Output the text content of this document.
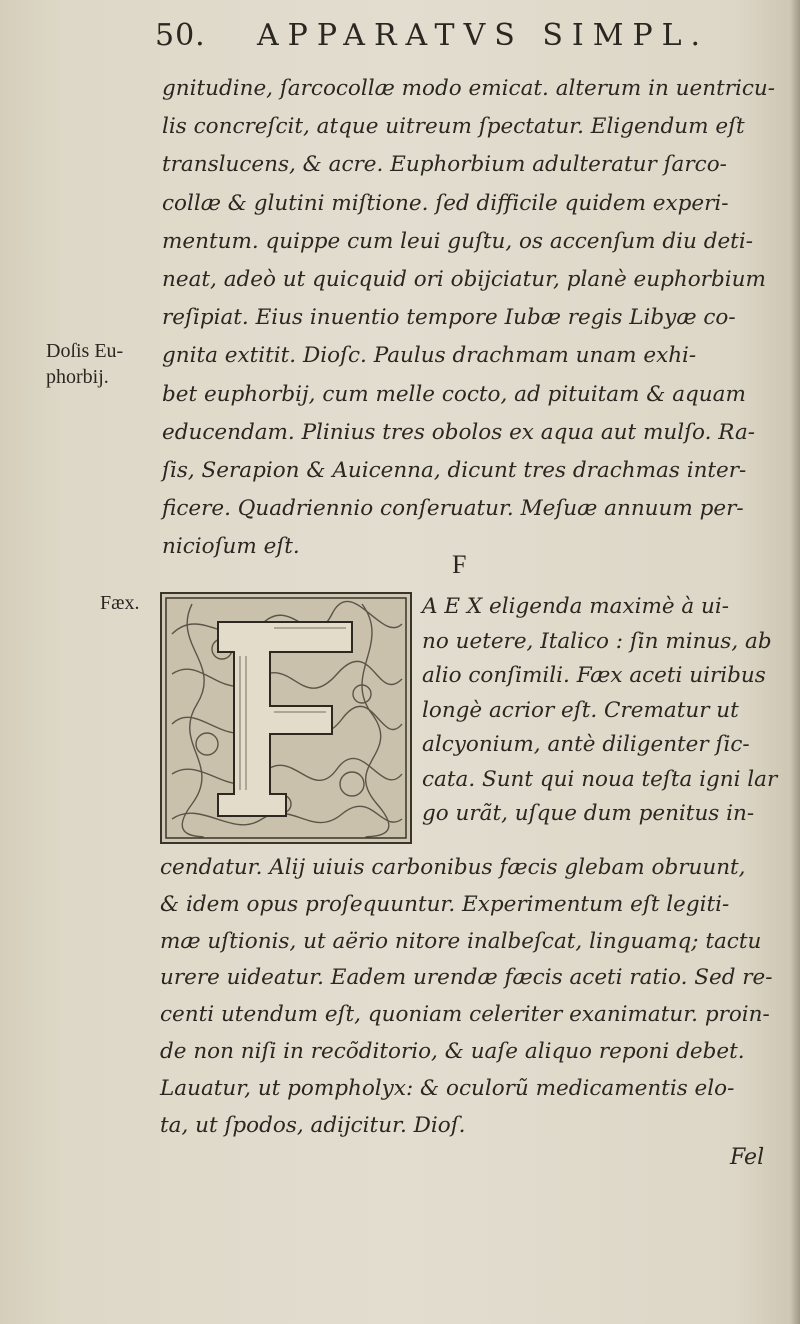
50. APPARATVS SIMPL.
gnitudine, ſarcocollæ modo emicat. alterum in uentricu-
lis concreſcit, atque uitreum ſpectatur. Eligendum eſt
translucens, & acre. Euphorbium adulteratur ſarco-
collæ & glutini miſtione. ſed difficile quidem experi-
mentum. quippe cum leui guſtu, os accenſum diu deti-
neat, adeò ut quicquid ori obijciatur, planè euphorbium
reſipiat. Eius inuentio tempore Iubæ regis Libyæ co-
gnita extitit. Dioſc. Paulus drachmam unam exhi-
bet euphorbij, cum melle cocto, ad pituitam & aquam
educendam. Plinius tres obolos ex aqua aut mulſo. Ra-
ſis, Serapion & Auicenna, dicunt tres drachmas inter-
ficere. Quadriennio conſeruatur. Meſuæ annuum per-
nicioſum eſt.
Doſis Eu-
phorbij.
Fæx.
F
A E X eligenda maximè à ui-
no uetere, Italico : ſin minus, ab
alio conſimili. Fæx aceti uiribus
longè acrior eſt. Crematur ut
alcyonium, antè diligenter ſic-
cata. Sunt qui noua teſta igni lar
go urãt, uſque dum penitus in-
cendatur. Alij uiuis carbonibus fæcis glebam obruunt,
& idem opus proſequuntur. Experimentum eſt legiti-
mæ uſtionis, ut aërio nitore inalbeſcat, linguamq; tactu
urere uideatur. Eadem urendæ fæcis aceti ratio. Sed re-
centi utendum eſt, quoniam celeriter exanimatur. proin-
de non niſi in recõditorio, & uaſe aliquo reponi debet.
Lauatur, ut pompholyx: & oculorũ medicamentis elo-
ta, ut ſpodos, adijcitur. Dioſ.
Fel
